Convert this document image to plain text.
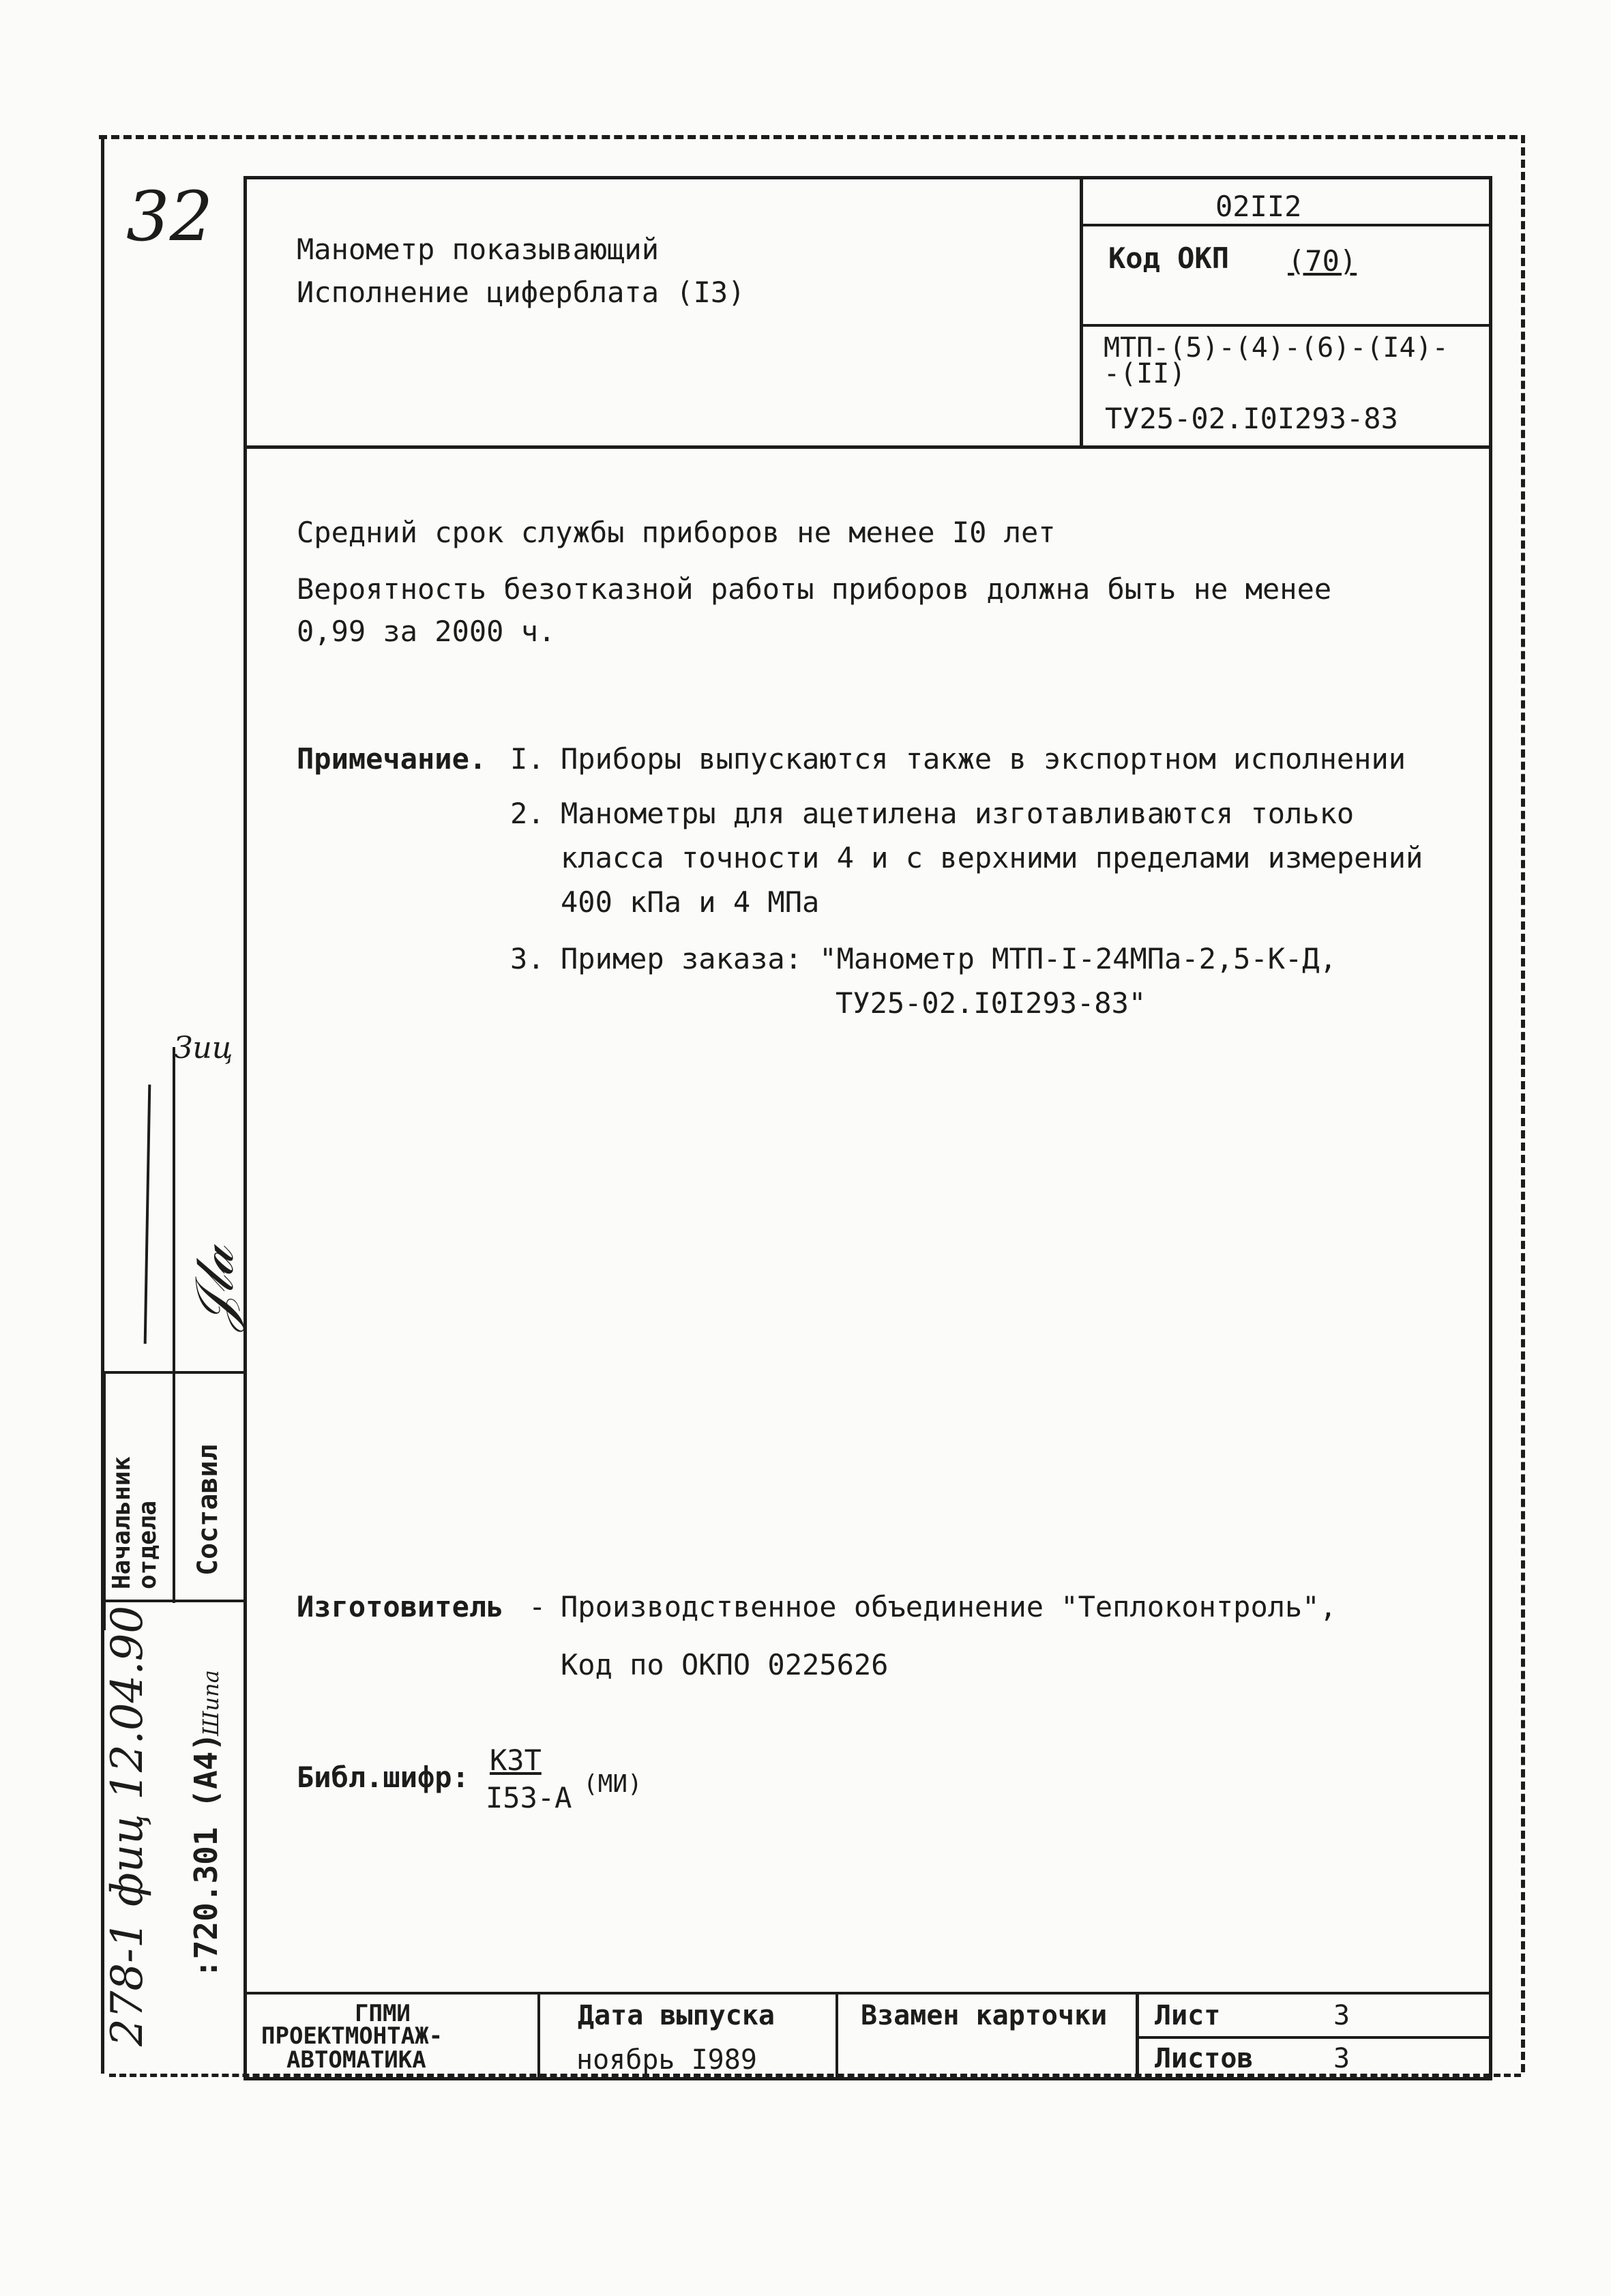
Манометр показывающий
Исполнение циферблата (I3)
02II2
Код ОКП (70)
МТП-(5)-(4)-(6)-(I4)-
-(II)
ТУ25-02.I0I293-83
Средний срок службы приборов не менее I0 лет
Вероятность безотказной работы приборов должна быть не менее
0,99 за 2000 ч.
Примечание. I. Приборы выпускаются также в экспортном исполнении
2. Манометры для ацетилена изготавливаются только
класса точности 4 и с верхними пределами измерений
400 кПа и 4 МПа
3. Пример заказа: "Манометр МТП-I-24МПа-2,5-К-Д,
ТУ25-02.I0I293-83"
Изготовитель - Производственное объединение "Теплоконтроль",
Код по ОКПО 0225626
Библ.шифр:
КЗТ
I53-А (МИ)
ГПМИ
ПРОЕКТМОНТАЖ-
АВТОМАТИКА
Дата выпуска
ноябрь I989
Взамен карточки Лист	3
Листов	3
Начальник отдела Составил
32
Зиц
𝒥𝓁𝒶
278-1 фиц 12.04.90 :720.301 (А4)
Шипа
